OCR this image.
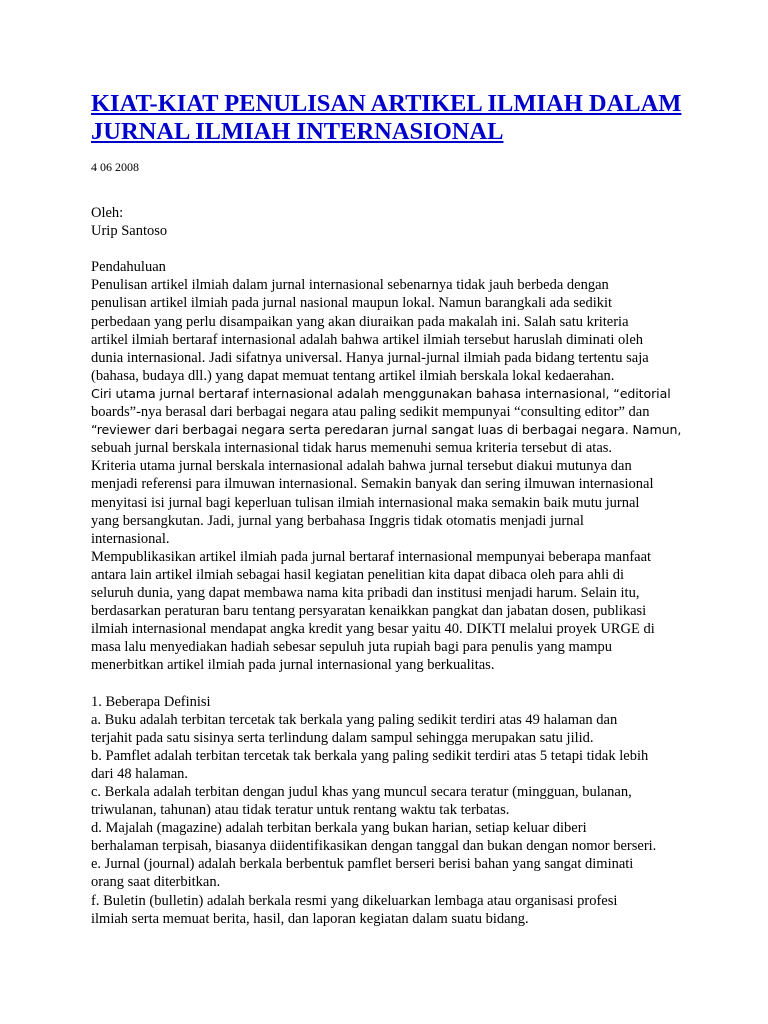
KIAT-KIAT PENULISAN ARTIKEL ILMIAH DALAM
JURNAL ILMIAH INTERNASIONAL
4 06 2008
Oleh:
Urip Santoso
Pendahuluan
Penulisan artikel ilmiah dalam jurnal internasional sebenarnya tidak jauh berbeda dengan
penulisan artikel ilmiah pada jurnal nasional maupun lokal. Namun barangkali ada sedikit
perbedaan yang perlu disampaikan yang akan diuraikan pada makalah ini. Salah satu kriteria
artikel ilmiah bertaraf internasional adalah bahwa artikel ilmiah tersebut haruslah diminati oleh
dunia internasional. Jadi sifatnya universal. Hanya jurnal-jurnal ilmiah pada bidang tertentu saja
(bahasa, budaya dll.) yang dapat memuat tentang artikel ilmiah berskala lokal kedaerahan.
Ciri utama jurnal bertaraf internasional adalah menggunakan bahasa internasional, “editorial
boards”-nya berasal dari berbagai negara atau paling sedikit mempunyai “consulting editor” dan
“reviewer dari berbagai negara serta peredaran jurnal sangat luas di berbagai negara. Namun,
sebuah jurnal berskala internasional tidak harus memenuhi semua kriteria tersebut di atas.
Kriteria utama jurnal berskala internasional adalah bahwa jurnal tersebut diakui mutunya dan
menjadi referensi para ilmuwan internasional. Semakin banyak dan sering ilmuwan internasional
menyitasi isi jurnal bagi keperluan tulisan ilmiah internasional maka semakin baik mutu jurnal
yang bersangkutan. Jadi, jurnal yang berbahasa Inggris tidak otomatis menjadi jurnal
internasional.
Mempublikasikan artikel ilmiah pada jurnal bertaraf internasional mempunyai beberapa manfaat
antara lain artikel ilmiah sebagai hasil kegiatan penelitian kita dapat dibaca oleh para ahli di
seluruh dunia, yang dapat membawa nama kita pribadi dan institusi menjadi harum. Selain itu,
berdasarkan peraturan baru tentang persyaratan kenaikkan pangkat dan jabatan dosen, publikasi
ilmiah internasional mendapat angka kredit yang besar yaitu 40. DIKTI melalui proyek URGE di
masa lalu menyediakan hadiah sebesar sepuluh juta rupiah bagi para penulis yang mampu
menerbitkan artikel ilmiah pada jurnal internasional yang berkualitas.
1. Beberapa Definisi
a. Buku adalah terbitan tercetak tak berkala yang paling sedikit terdiri atas 49 halaman dan
terjahit pada satu sisinya serta terlindung dalam sampul sehingga merupakan satu jilid.
b. Pamflet adalah terbitan tercetak tak berkala yang paling sedikit terdiri atas 5 tetapi tidak lebih
dari 48 halaman.
c. Berkala adalah terbitan dengan judul khas yang muncul secara teratur (mingguan, bulanan,
triwulanan, tahunan) atau tidak teratur untuk rentang waktu tak terbatas.
d. Majalah (magazine) adalah terbitan berkala yang bukan harian, setiap keluar diberi
berhalaman terpisah, biasanya diidentifikasikan dengan tanggal dan bukan dengan nomor berseri.
e. Jurnal (journal) adalah berkala berbentuk pamflet berseri berisi bahan yang sangat diminati
orang saat diterbitkan.
f. Buletin (bulletin) adalah berkala resmi yang dikeluarkan lembaga atau organisasi profesi
ilmiah serta memuat berita, hasil, dan laporan kegiatan dalam suatu bidang.
